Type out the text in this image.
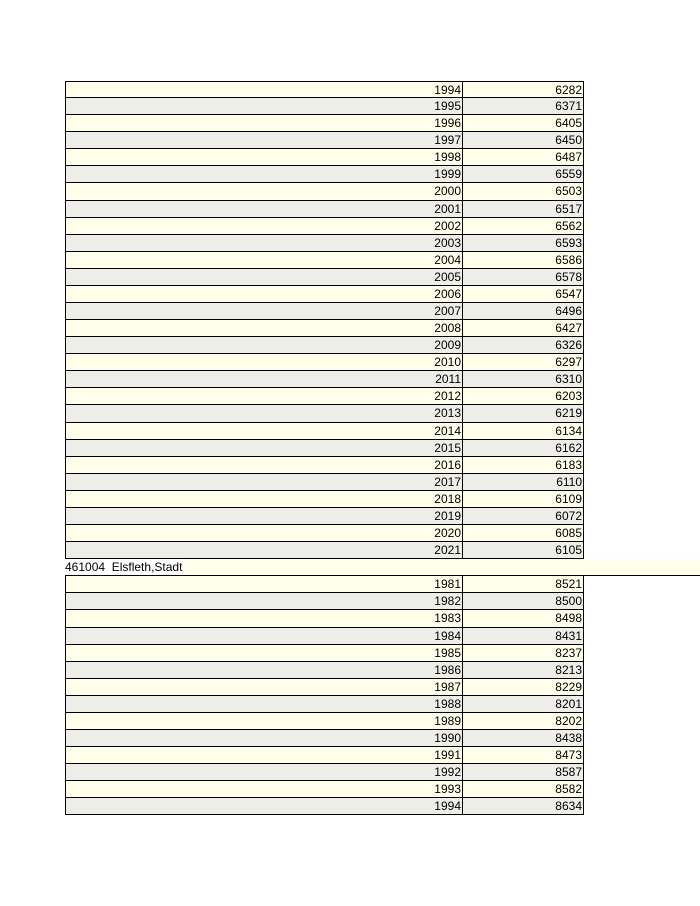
1994	6282
1995	6371
1996	6405
1997	6450
1998	6487
1999	6559
2000	6503
2001	6517
2002	6562
2003	6593
2004	6586
2005	6578
2006	6547
2007	6496
2008	6427
2009	6326
2010	6297
2011	6310
2012	6203
2013	6219
2014	6134
2015	6162
2016	6183
2017	6110
2018	6109
2019	6072
2020	6085
2021	6105

461004  Elsfleth,Stadt

1981	8521
1982	8500
1983	8498
1984	8431
1985	8237
1986	8213
1987	8229
1988	8201
1989	8202
1990	8438
1991	8473
1992	8587
1993	8582
1994	8634
